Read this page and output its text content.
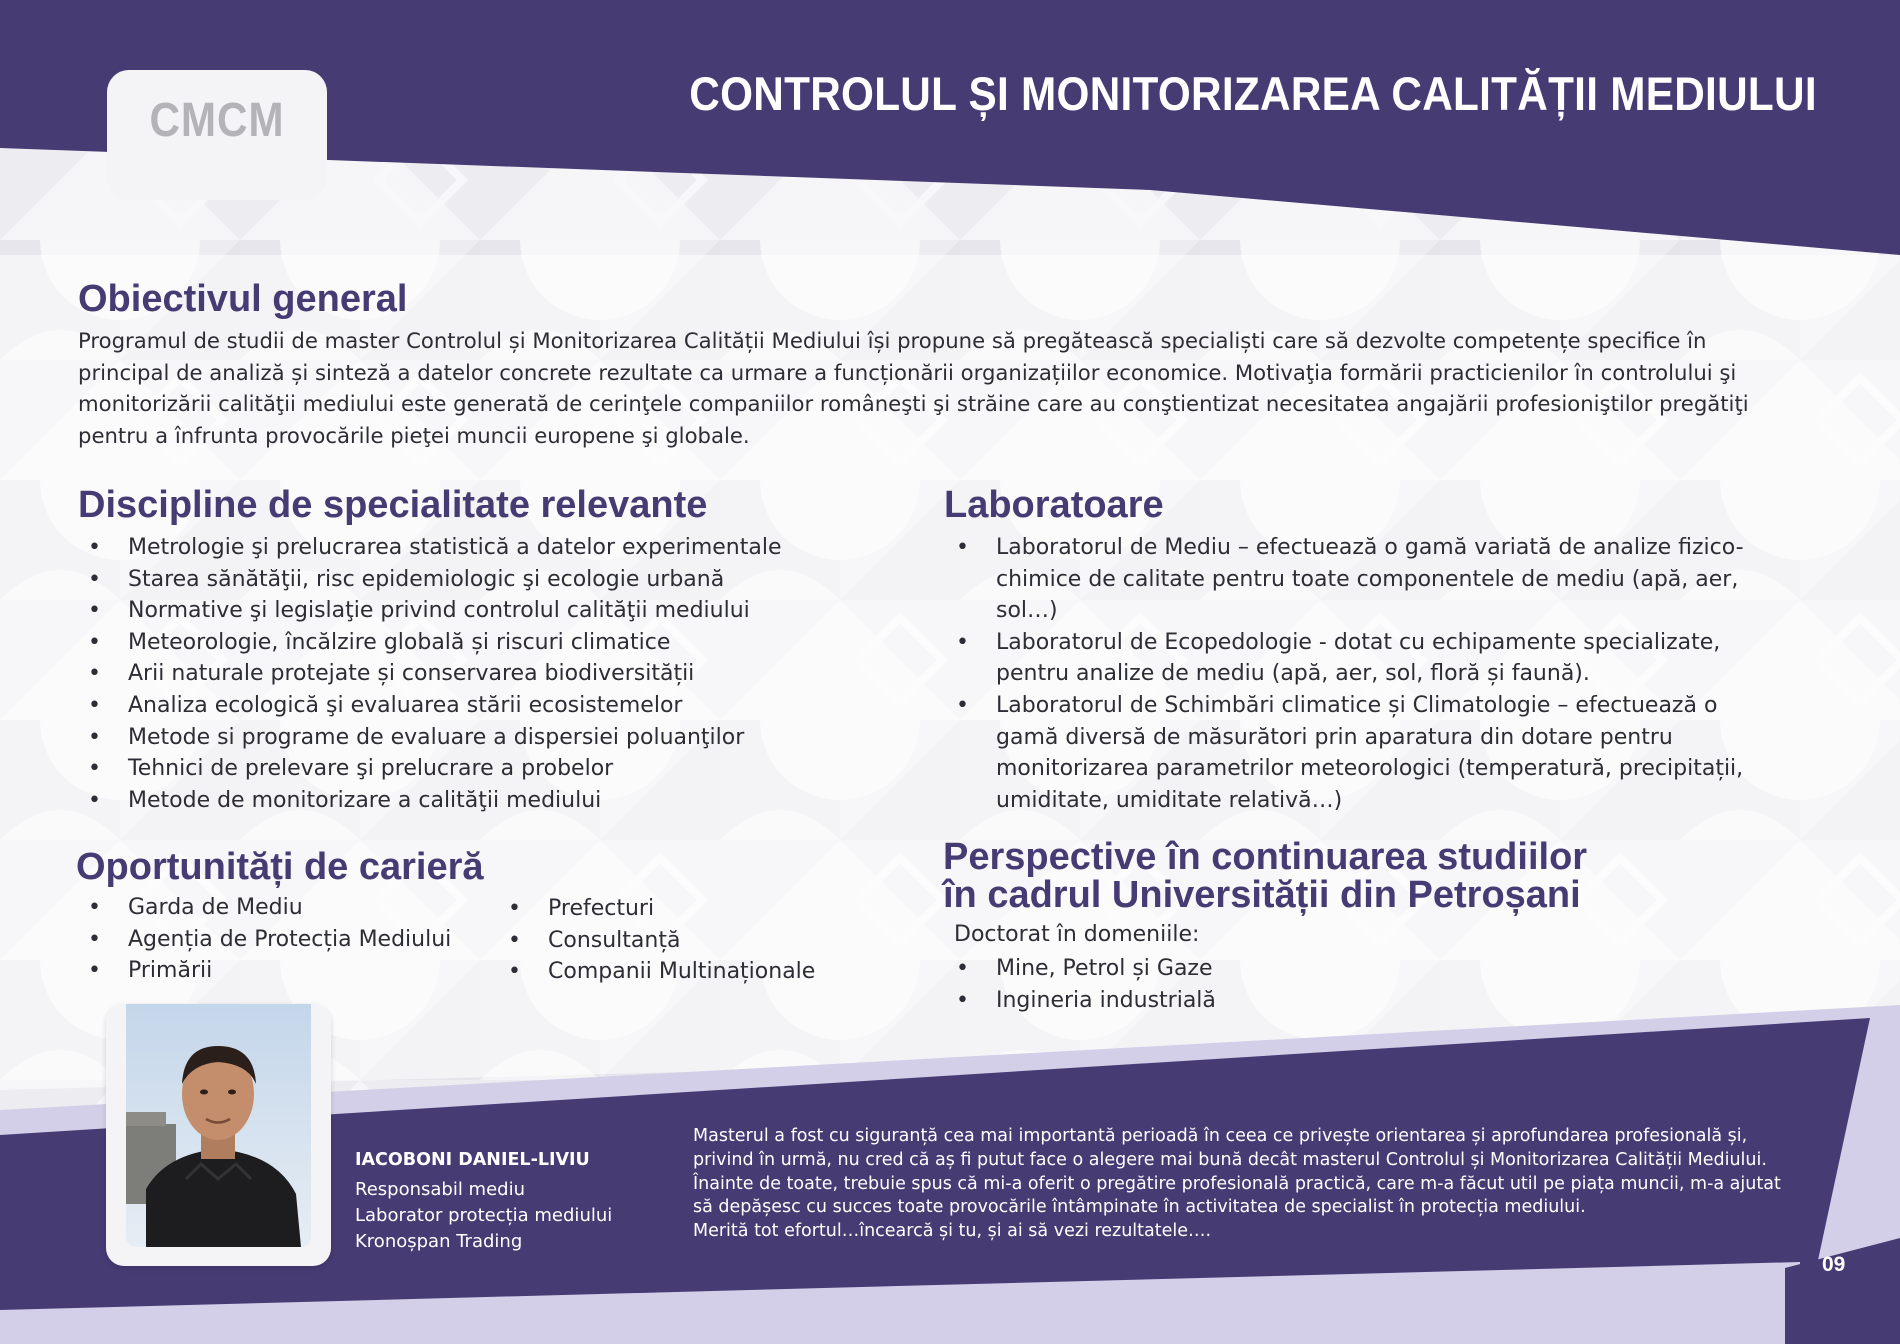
CMCM	CONTROLUL ȘI MONITORIZAREA CALITĂȚII MEDIULUI
Obiectivul general
Programul de studii de master Controlul și Monitorizarea Calității Mediului își propune să pregătească specialiști care să dezvolte competențe specifice în
principal de analiză și sinteză a datelor concrete rezultate ca urmare a funcționării organizațiilor economice. Motivaţia formării practicienilor în controlului şi
monitorizării calităţii mediului este generată de cerinţele companiilor româneşti şi străine care au conştientizat necesitatea angajării profesioniştilor pregătiţi
pentru a înfrunta provocările pieţei muncii europene şi globale.
Discipline de specialitate relevante
• Metrologie şi prelucrarea statistică a datelor experimentale
• Starea sănătăţii, risc epidemiologic şi ecologie urbană
• Normative şi legislaţie privind controlul calităţii mediului
• Meteorologie, încălzire globală și riscuri climatice
• Arii naturale protejate și conservarea biodiversității
• Analiza ecologică şi evaluarea stării ecosistemelor
• Metode si programe de evaluare a dispersiei poluanţilor
• Tehnici de prelevare şi prelucrare a probelor
• Metode de monitorizare a calităţii mediului
Oportunități de carieră
• Garda de Mediu
• Agenția de Protecția Mediului
• Primării
• Prefecturi
• Consultanță
• Companii Multinaționale
Laboratoare
• Laboratorul de Mediu – efectuează o gamă variată de analize fizico-chimice de calitate pentru toate componentele de mediu (apă, aer, sol…)
• Laboratorul de Ecopedologie - dotat cu echipamente specializate, pentru analize de mediu (apă, aer, sol, floră și faună).
• Laboratorul de Schimbări climatice și Climatologie – efectuează o gamă diversă de măsurători prin aparatura din dotare pentru monitorizarea parametrilor meteorologici (temperatură, precipitații, umiditate, umiditate relativă…)
Perspective în continuarea studiilor
în cadrul Universității din Petroșani
Doctorat în domeniile:
• Mine, Petrol și Gaze
• Ingineria industrială
IACOBONI DANIEL-LIVIU
Responsabil mediu
Laborator protecția mediului
Kronoșpan Trading
Masterul a fost cu siguranță cea mai importantă perioadă în ceea ce privește orientarea și aprofundarea profesională și,
privind în urmă, nu cred că aș fi putut face o alegere mai bună decât masterul Controlul și Monitorizarea Calității Mediului.
Înainte de toate, trebuie spus că mi-a oferit o pregătire profesională practică, care m-a făcut util pe piața muncii, m-a ajutat
să depășesc cu succes toate provocările întâmpinate în activitatea de specialist în protecția mediului.
Merită tot efortul…încearcă și tu, și ai să vezi rezultatele….
09
